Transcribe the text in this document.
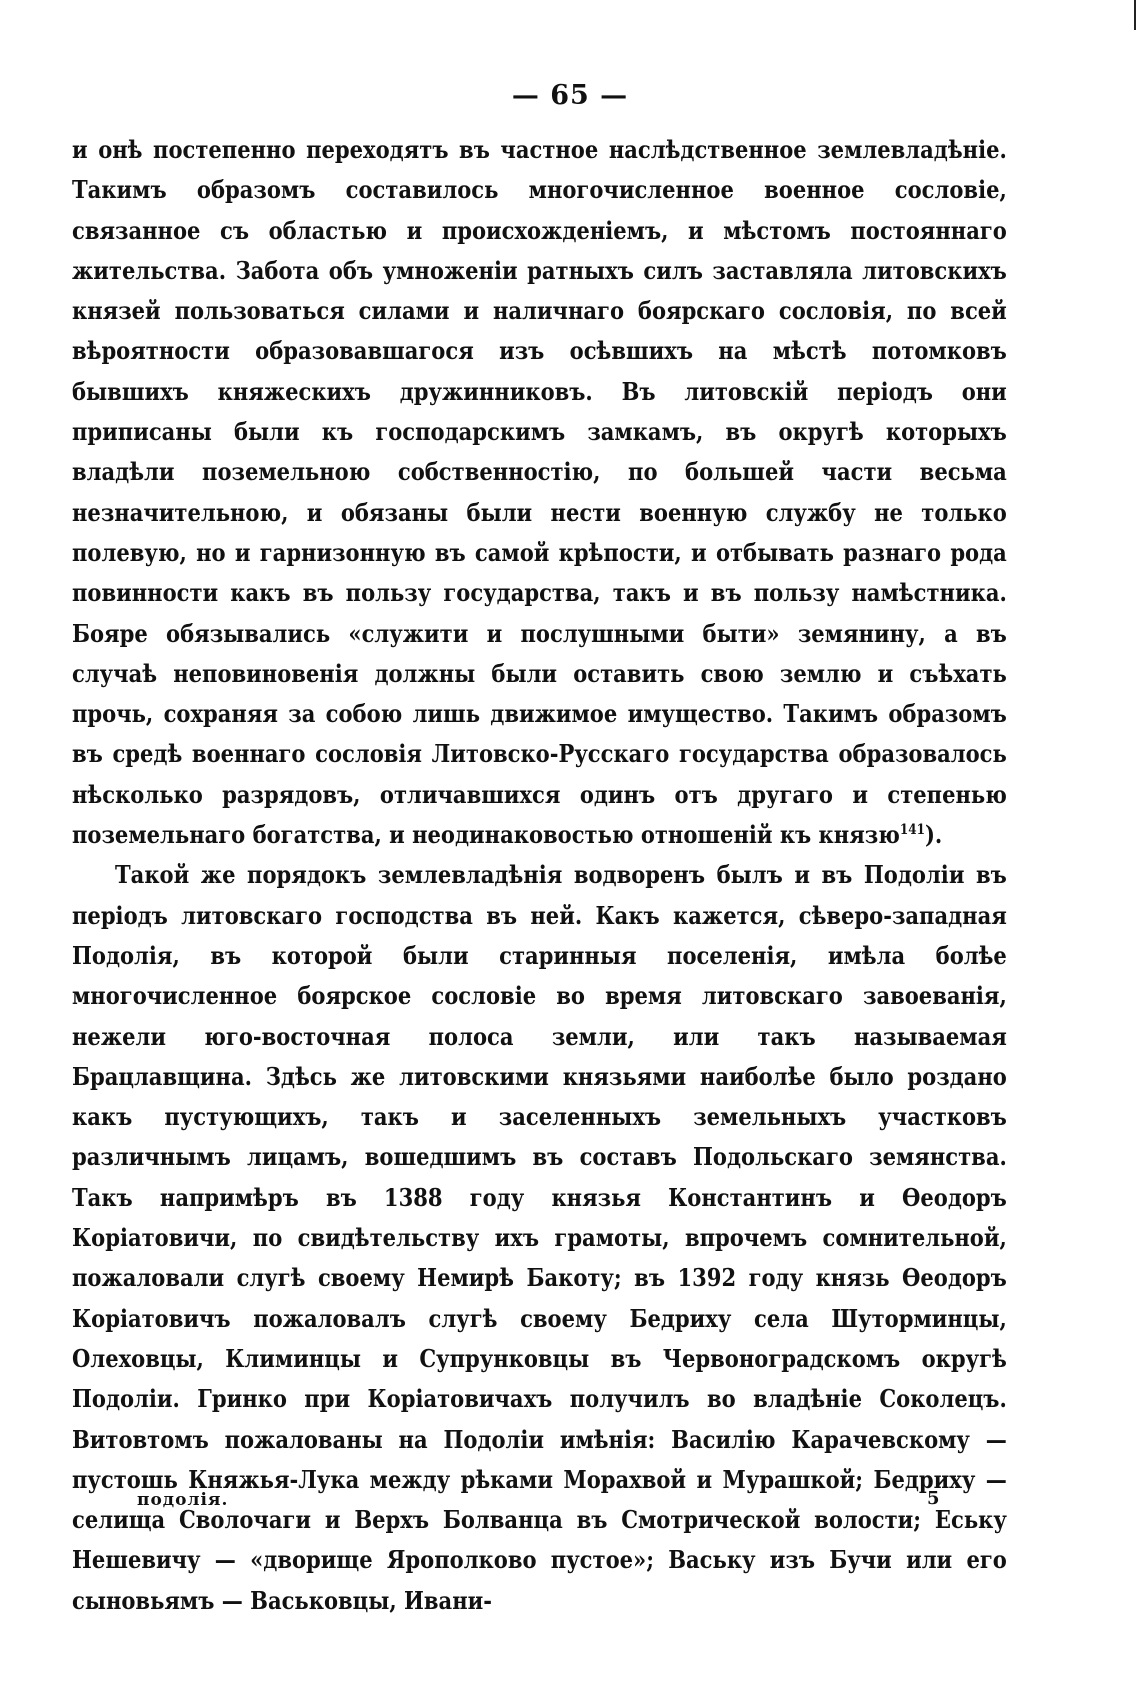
— 65 —

и онѣ постепенно переходятъ въ частное наслѣдственное землевладѣніе. Такимъ образомъ составилось многочисленное военное сословіе, связанное съ областью и происхожденіемъ, и мѣстомъ постояннаго жительства. Забота объ умноженіи ратныхъ силъ заставляла литовскихъ князей пользоваться силами и наличнаго боярскаго сословія, по всей вѣроятности образовавшагося изъ осѣвшихъ на мѣстѣ потомковъ бывшихъ княжескихъ дружинниковъ. Въ литовскій періодъ они приписаны были къ господарскимъ замкамъ, въ округѣ которыхъ владѣли поземельною собственностію, по большей части весьма незначительною, и обязаны были нести военную службу не только полевую, но и гарнизонную въ самой крѣпости, и отбывать разнаго рода повинности какъ въ пользу государства, такъ и въ пользу намѣстника. Бояре обязывались «служити и послушными быти» земянину, а въ случаѣ неповиновенія должны были оставить свою землю и съѣхать прочь, сохраняя за собою лишь движимое имущество. Такимъ образомъ въ средѣ военнаго сословія Литовско-Русскаго государства образовалось нѣсколько разрядовъ, отличавшихся одинъ отъ другаго и степенью поземельнаго богатства, и неодинаковостью отношеній къ князю$^{141}$).

Такой же порядокъ землевладѣнія водворенъ былъ и въ Подоліи въ періодъ литовскаго господства въ ней. Какъ кажется, сѣверо-западная Подолія, въ которой были старинныя поселенія, имѣла болѣе многочисленное боярское сословіе во время литовскаго завоеванія, нежели юго-восточная полоса земли, или такъ называемая Брацлавщина. Здѣсь же литовскими князьями наиболѣе было роздано какъ пустующихъ, такъ и заселенныхъ земельныхъ участковъ различнымъ лицамъ, вошедшимъ въ составъ Подольскаго земянства. Такъ напримѣръ въ 1388 году князья Константинъ и Ѳеодоръ Коріатовичи, по свидѣтельству ихъ грамоты, впрочемъ сомнительной, пожаловали слугѣ своему Немирѣ Бакоту; въ 1392 году князь Ѳеодоръ Коріатовичъ пожаловалъ слугѣ своему Бедриху села Шуторминцы, Олеховцы, Климинцы и Супрунковцы въ Червоноградскомъ округѣ Подоліи. Гринко при Коріатовичахъ получилъ во владѣніе Соколецъ. Витовтомъ пожалованы на Подоліи имѣнія: Василію Карачевскому — пустошь Княжья-Лука между рѣками Морахвой и Мурашкой; Бедриху — селища Сволочаги и Верхъ Болванца въ Смотрической волости; Еську Нешевичу — «дворище Ярополково пустое»; Ваську изъ Бучи или его сыновьямъ — Васьковцы, Ивани-

подолія.	5
